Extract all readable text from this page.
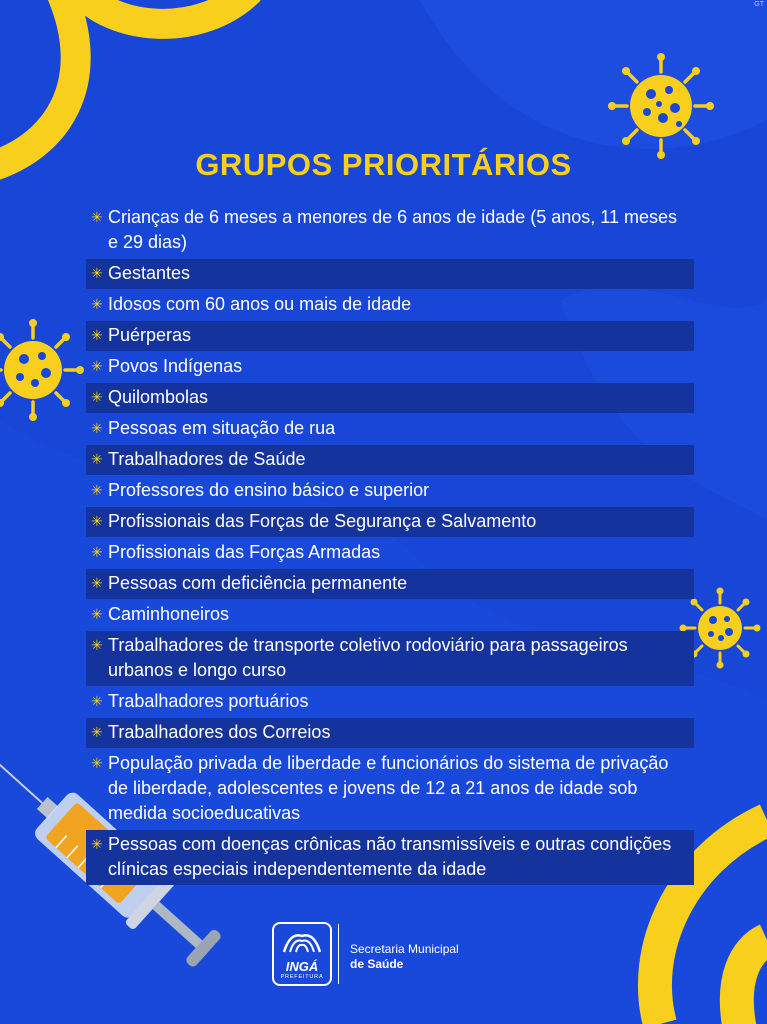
GRUPOS PRIORITÁRIOS
✳ Crianças de 6 meses a menores de 6 anos de idade (5 anos, 11 meses e 29 dias)
✳ Gestantes
✳ Idosos com 60 anos ou mais de idade
✳ Puérperas
✳ Povos Indígenas
✳ Quilombolas
✳ Pessoas em situação de rua
✳ Trabalhadores de Saúde
✳ Professores do ensino básico e superior
✳ Profissionais das Forças de Segurança e Salvamento
✳ Profissionais das Forças Armadas
✳ Pessoas com deficiência permanente
✳ Caminhoneiros
✳ Trabalhadores de transporte coletivo rodoviário para passageiros urbanos e longo curso
✳ Trabalhadores portuários
✳ Trabalhadores dos Correios
✳ População privada de liberdade e funcionários do sistema de privação de liberdade, adolescentes e jovens de 12 a 21 anos de idade sob medida socioeducativas
✳ Pessoas com doenças crônicas não transmissíveis e outras condições clínicas especiais independentemente da idade
INGÁ
PREFEITURA
Secretaria Municipal
de Saúde
GT
